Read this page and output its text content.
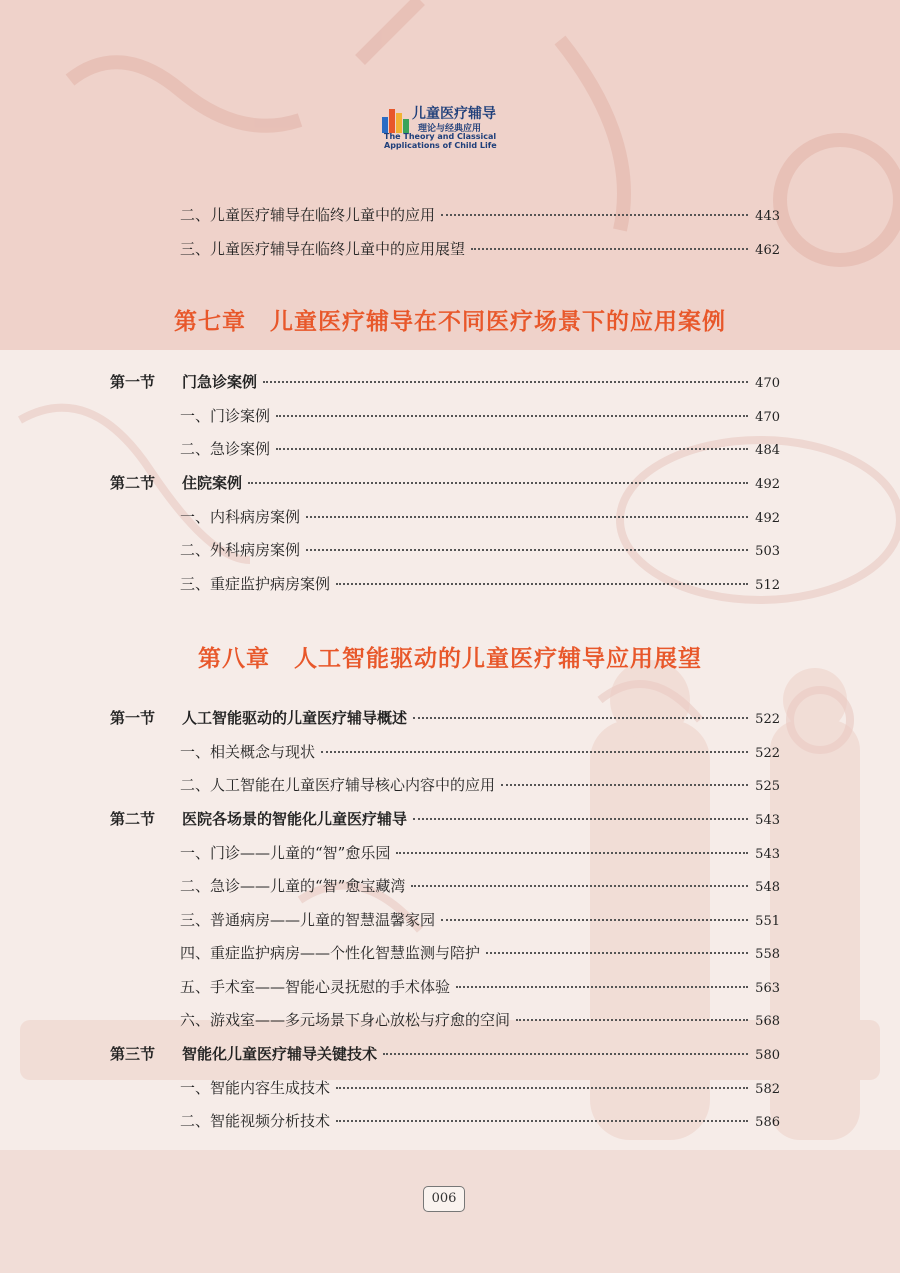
儿童医疗辅导
理论与经典应用
The Theory and Classical
Applications of Child Life
二、儿童医疗辅导在临终儿童中的应用	443
三、儿童医疗辅导在临终儿童中的应用展望	462
第七章　儿童医疗辅导在不同医疗场景下的应用案例
第一节 门急诊案例	470
一、门诊案例	470
二、急诊案例	484
第二节 住院案例	492
一、内科病房案例	492
二、外科病房案例	503
三、重症监护病房案例	512
第八章　人工智能驱动的儿童医疗辅导应用展望
第一节 人工智能驱动的儿童医疗辅导概述	522
一、相关概念与现状	522
二、人工智能在儿童医疗辅导核心内容中的应用	525
第二节 医院各场景的智能化儿童医疗辅导	543
一、门诊——儿童的“智”愈乐园	543
二、急诊——儿童的“智”愈宝藏湾	548
三、普通病房——儿童的智慧温馨家园	551
四、重症监护病房——个性化智慧监测与陪护	558
五、手术室——智能心灵抚慰的手术体验	563
六、游戏室——多元场景下身心放松与疗愈的空间	568
第三节 智能化儿童医疗辅导关键技术	580
一、智能内容生成技术	582
二、智能视频分析技术	586
006
